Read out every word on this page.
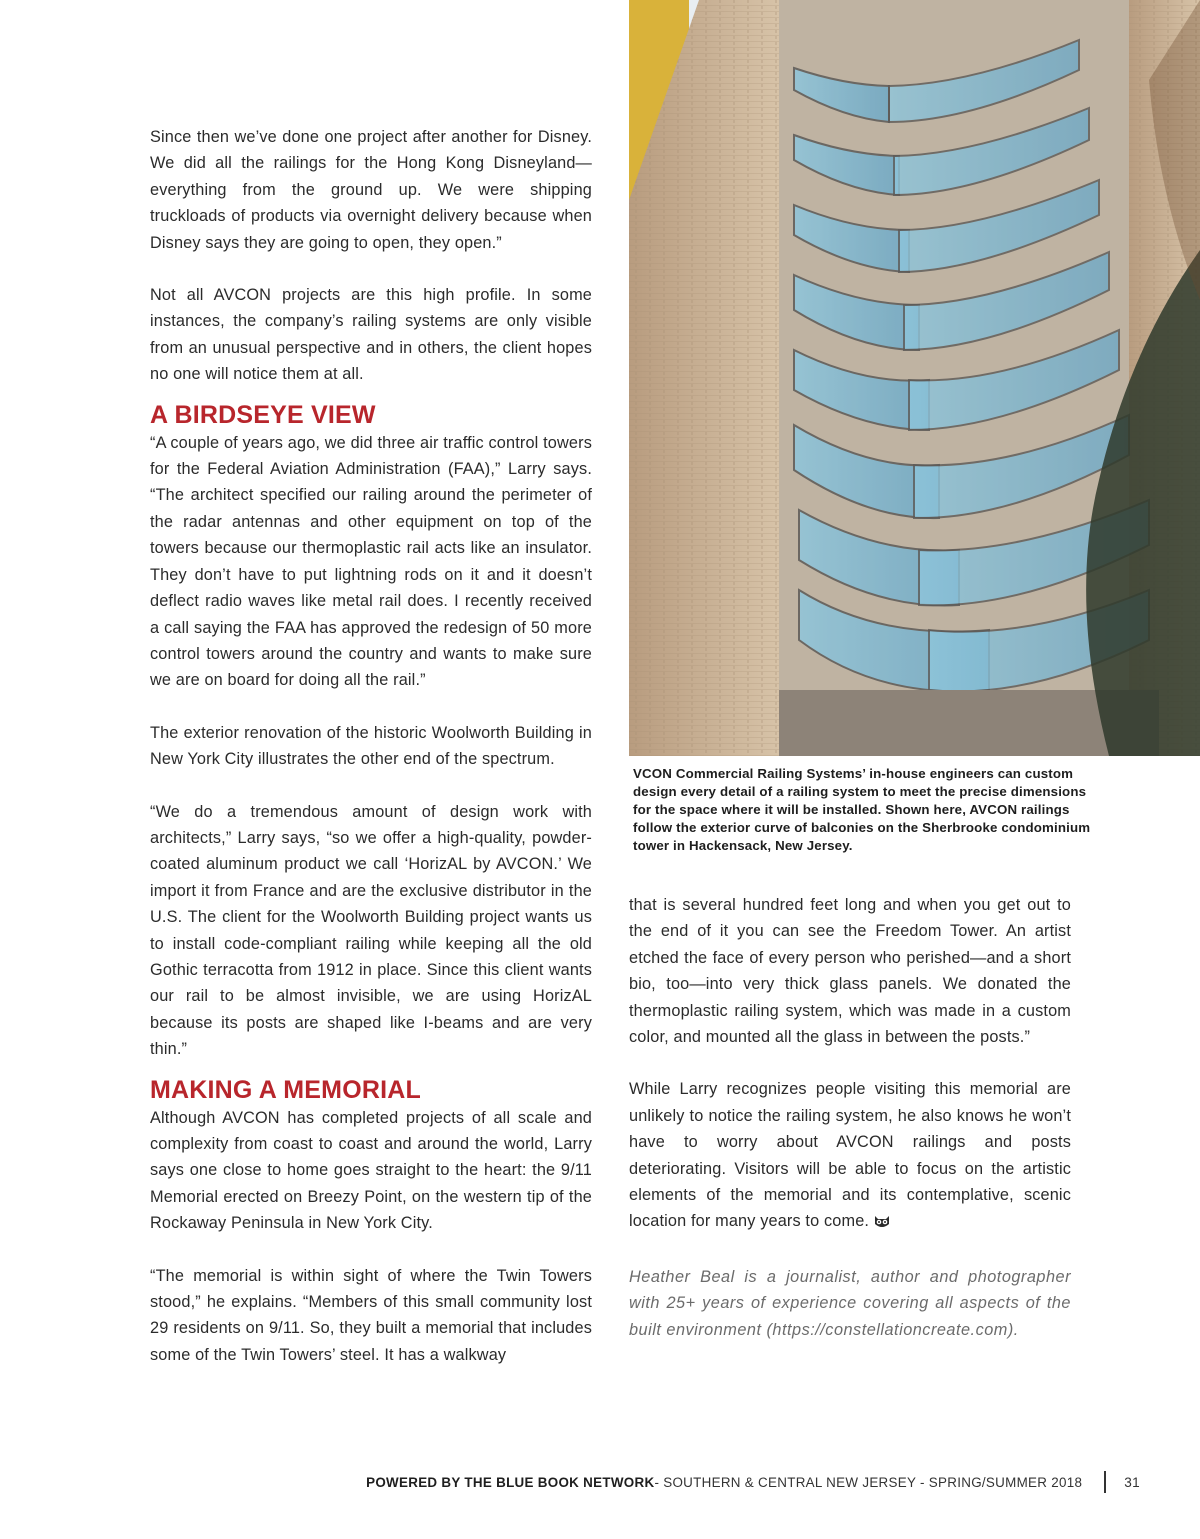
Since then we’ve done one project after another for Disney. We did all the railings for the Hong Kong Disneyland—everything from the ground up. We were shipping truckloads of products via overnight delivery because when Disney says they are going to open, they open.”

Not all AVCON projects are this high profile. In some instances, the company’s railing systems are only visible from an unusual perspective and in others, the client hopes no one will notice them at all.

A BIRDSEYE VIEW

“A couple of years ago, we did three air traffic control towers for the Federal Aviation Administration (FAA),” Larry says. “The architect specified our railing around the perimeter of the radar antennas and other equipment on top of the towers because our thermoplastic rail acts like an insulator. They don’t have to put lightning rods on it and it doesn’t deflect radio waves like metal rail does. I recently received a call saying the FAA has approved the redesign of 50 more control towers around the country and wants to make sure we are on board for doing all the rail.”

The exterior renovation of the historic Woolworth Building in New York City illustrates the other end of the spectrum.

“We do a tremendous amount of design work with architects,” Larry says, “so we offer a high-quality, powder-coated aluminum product we call ‘HorizAL by AVCON.’ We import it from France and are the exclusive distributor in the U.S. The client for the Woolworth Building project wants us to install code-compliant railing while keeping all the old Gothic terracotta from 1912 in place. Since this client wants our rail to be almost invisible, we are using HorizAL because its posts are shaped like I-beams and are very thin.”

MAKING A MEMORIAL

Although AVCON has completed projects of all scale and complexity from coast to coast and around the world, Larry says one close to home goes straight to the heart: the 9/11 Memorial erected on Breezy Point, on the western tip of the Rockaway Peninsula in New York City.

“The memorial is within sight of where the Twin Towers stood,” he explains. “Members of this small community lost 29 residents on 9/11. So, they built a memorial that includes some of the Twin Towers’ steel. It has a walkway

VCON Commercial Railing Systems’ in-house engineers can custom design every detail of a railing system to meet the precise dimensions for the space where it will be installed. Shown here, AVCON railings follow the exterior curve of balconies on the Sherbrooke condominium tower in Hackensack, New Jersey.

that is several hundred feet long and when you get out to the end of it you can see the Freedom Tower. An artist etched the face of every person who perished—and a short bio, too—into very thick glass panels. We donated the thermoplastic railing system, which was made in a custom color, and mounted all the glass in between the posts.”

While Larry recognizes people visiting this memorial are unlikely to notice the railing system, he also knows he won’t have to worry about AVCON railings and posts deteriorating. Visitors will be able to focus on the artistic elements of the memorial and its contemplative, scenic location for many years to come.

Heather Beal is a journalist, author and photographer with 25+ years of experience covering all aspects of the built environment (https://constellationcreate.com).

POWERED BY THE BLUE BOOK NETWORK - SOUTHERN & CENTRAL NEW JERSEY - SPRING/SUMMER 2018	31
